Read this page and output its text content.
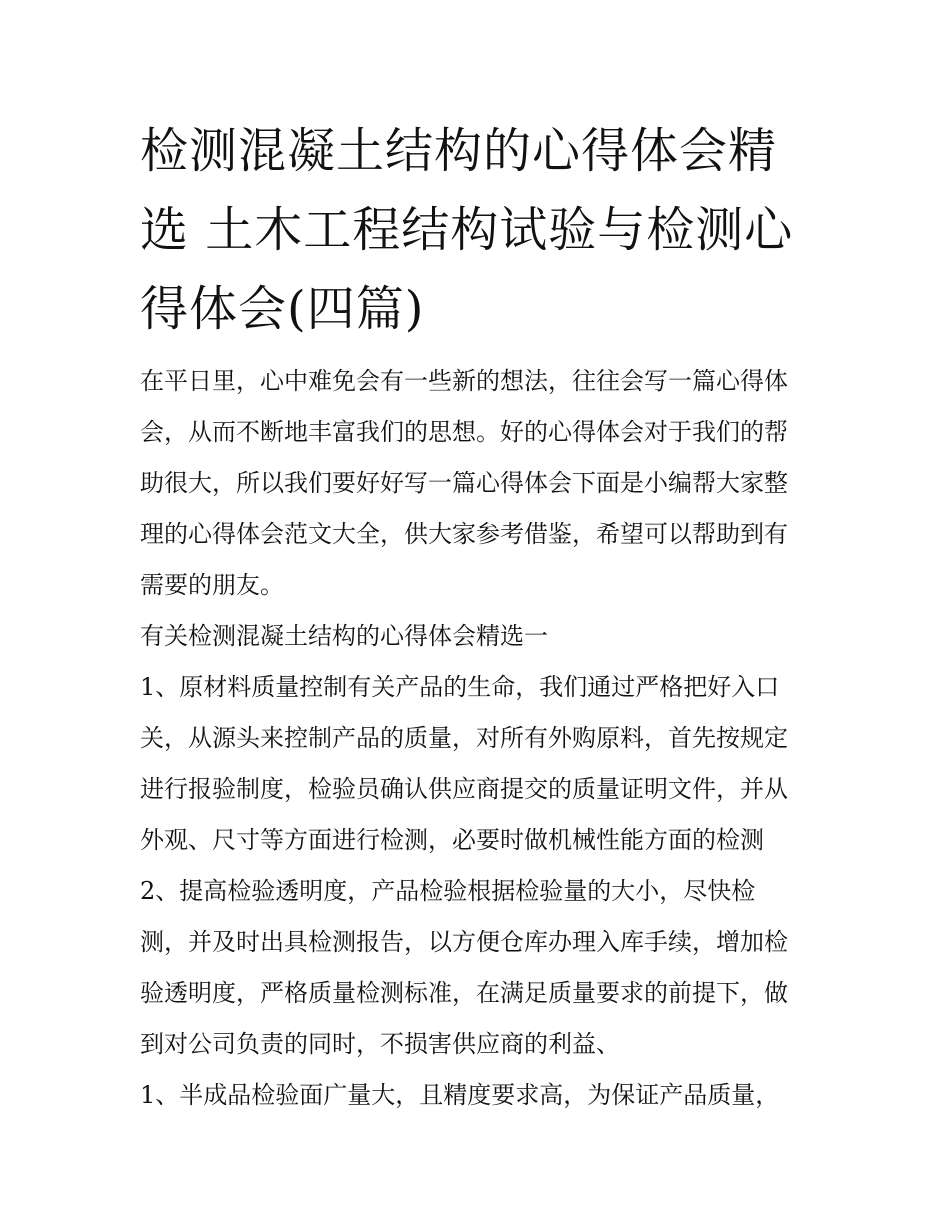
检测混凝土结构的心得体会精
选 土木工程结构试验与检测心
得体会(四篇)
在平日里，心中难免会有一些新的想法，往往会写一篇心得体
会，从而不断地丰富我们的思想。好的心得体会对于我们的帮
助很大，所以我们要好好写一篇心得体会下面是小编帮大家整
理的心得体会范文大全，供大家参考借鉴，希望可以帮助到有
需要的朋友。
有关检测混凝土结构的心得体会精选一
1、原材料质量控制有关产品的生命，我们通过严格把好入口
关，从源头来控制产品的质量，对所有外购原料，首先按规定
进行报验制度，检验员确认供应商提交的质量证明文件，并从
外观、尺寸等方面进行检测，必要时做机械性能方面的检测
2、提高检验透明度，产品检验根据检验量的大小，尽快检
测，并及时出具检测报告，以方便仓库办理入库手续，增加检
验透明度，严格质量检测标准，在满足质量要求的前提下，做
到对公司负责的同时，不损害供应商的利益、
1、半成品检验面广量大，且精度要求高，为保证产品质量，
